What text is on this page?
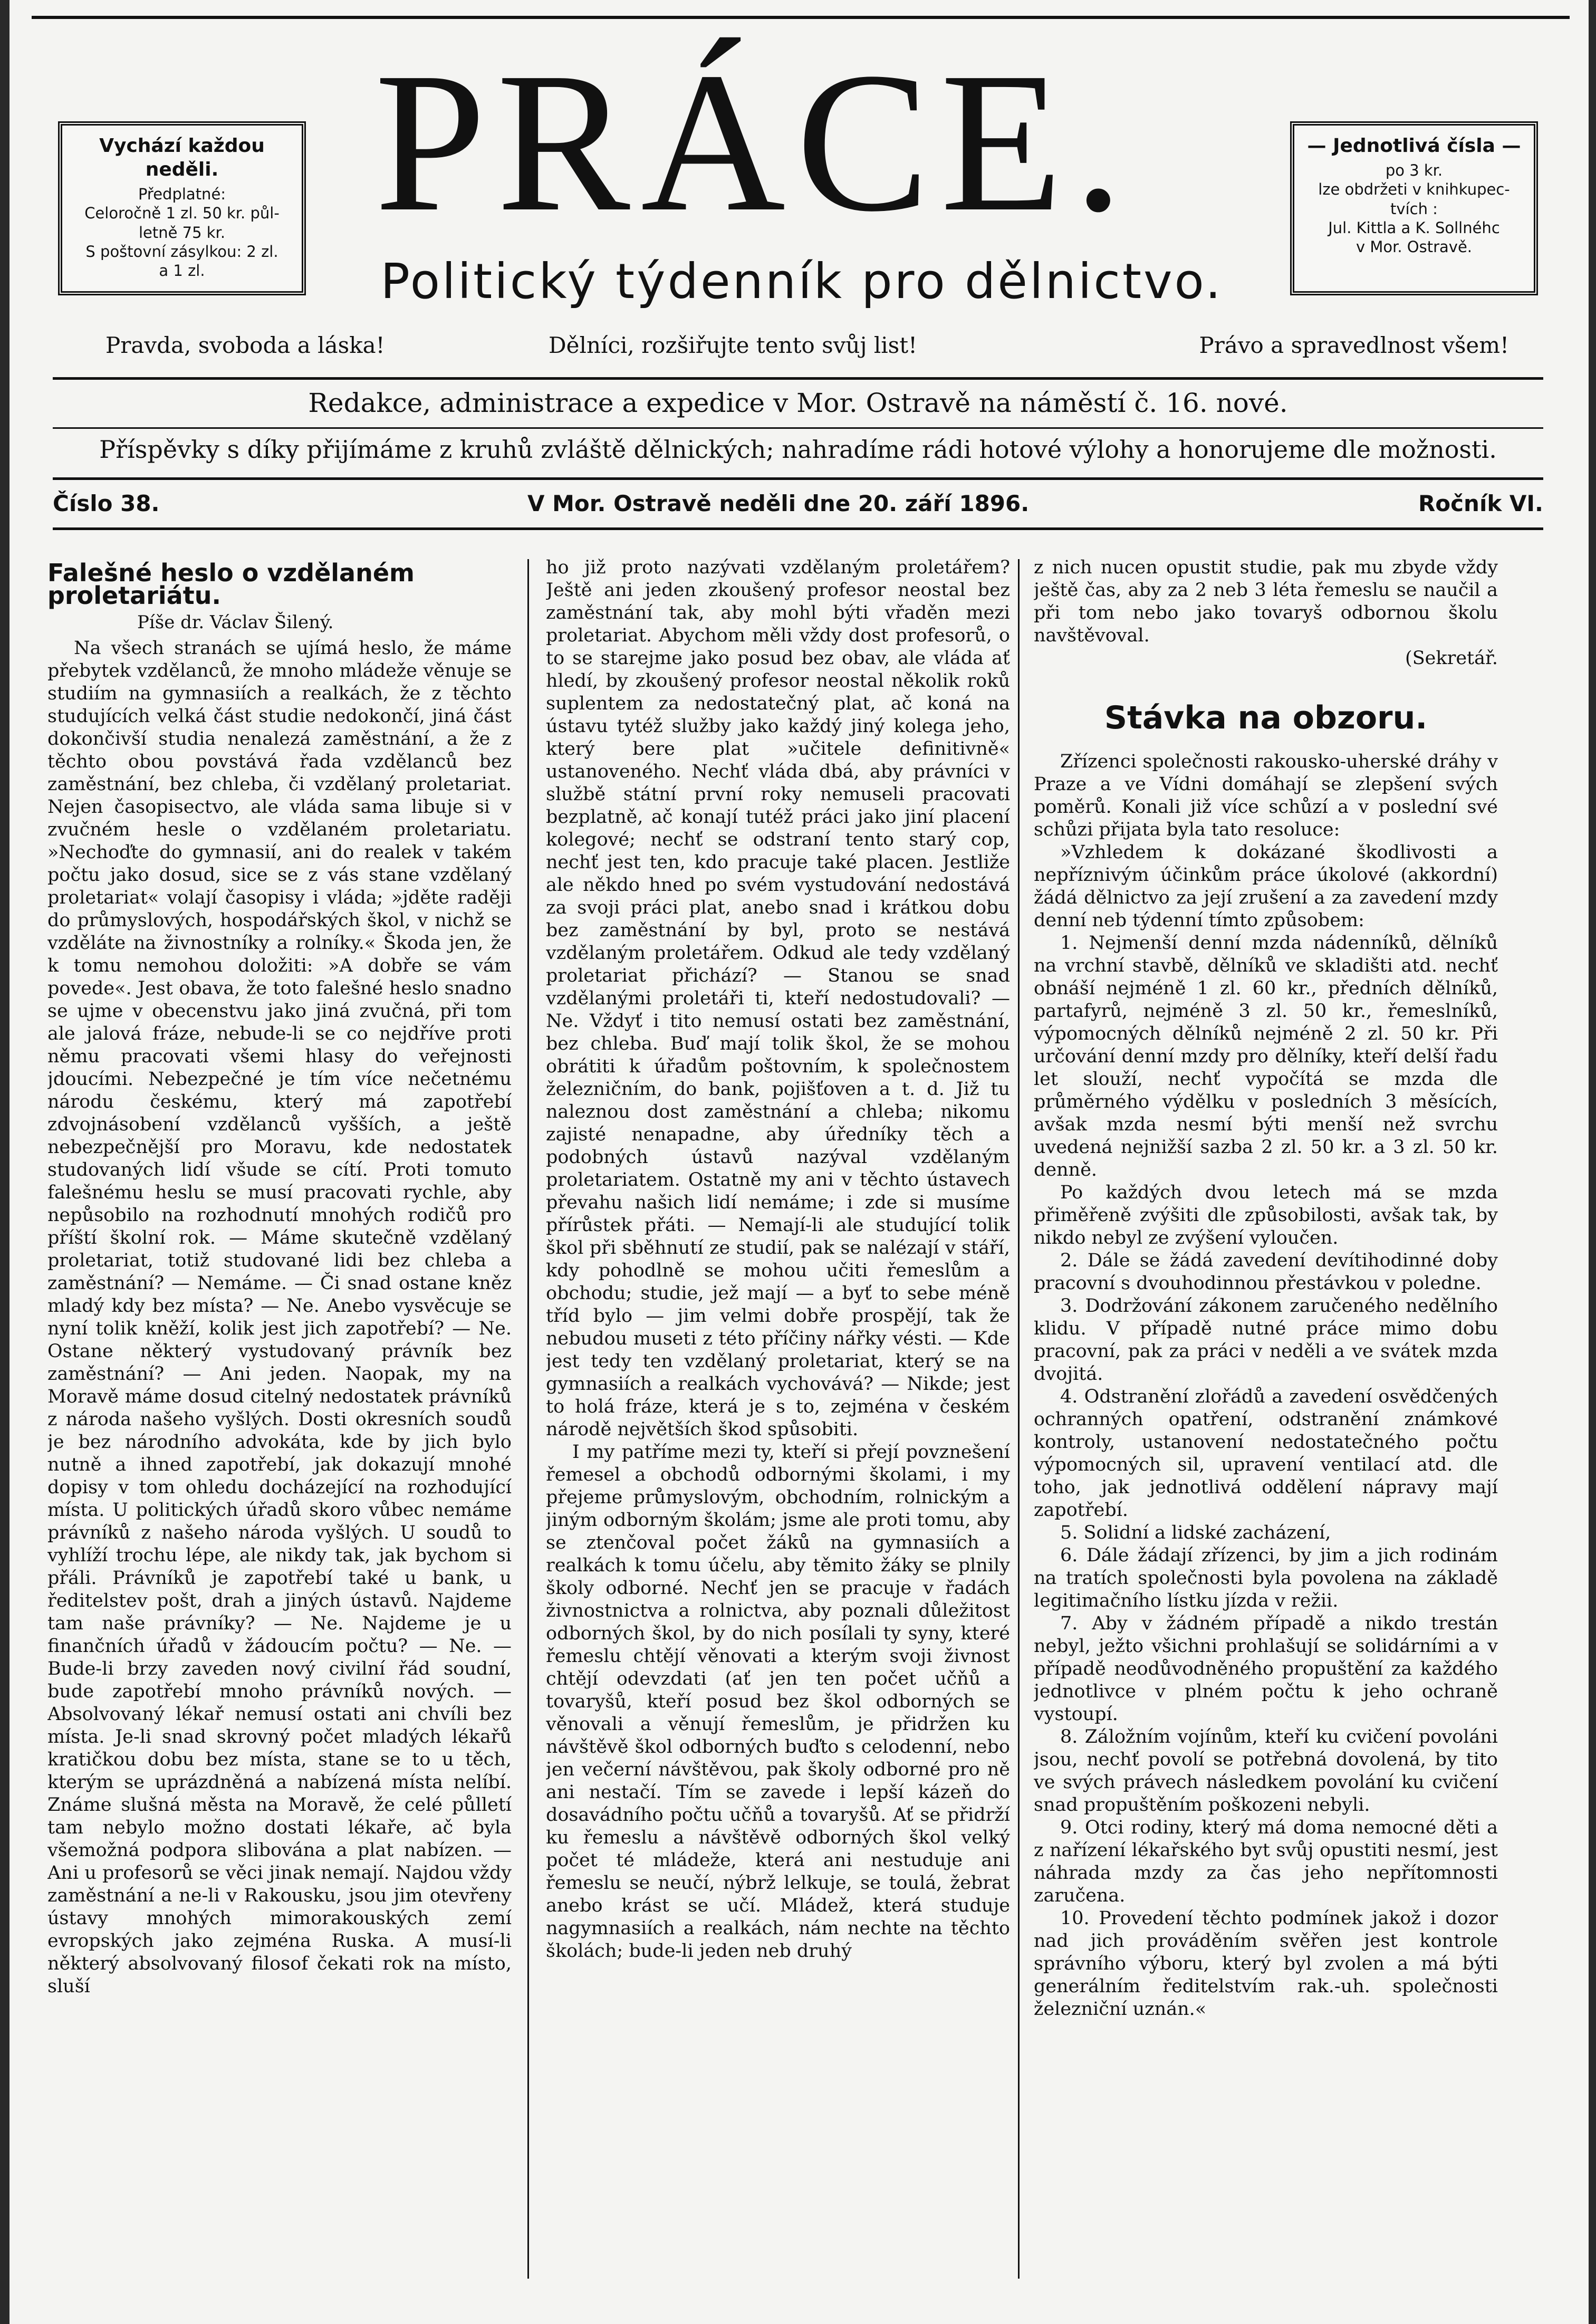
Vychází každou neděli.
Předplatné:
Celoročně 1 zl. 50 kr. půl-
letně 75 kr.
S poštovní zásylkou: 2 zl.
a 1 zl.
PRÁCE.	— Jednotlivá čísla —
po 3 kr.
lze obdržeti v knihkupec-
tvích :
Jul. Kittla a K. Sollnéhc
v Mor. Ostravě.
Politický týdenník pro dělnictvo.
Pravda, svoboda a láska!	Dělníci, rozšiřujte tento svůj list!	Právo a spravedlnost všem!
Redakce, administrace a expedice v Mor. Ostravě na náměstí č. 16. nové.
Příspěvky s díky přijímáme z kruhů zvláště dělnických; nahradíme rádi hotové výlohy a honorujeme dle možnosti.
Číslo 38.	V Mor. Ostravě neděli dne 20. září 1896.	Ročník VI.
Falešné heslo o vzdělaném proletariátu.
Píše dr. Václav Šilený.

Na všech stranách se ujímá heslo, že máme přebytek vzdělanců, že mnoho mládeže věnuje se studiím na gymnasiích a realkách, že z těchto studujících velká část studie nedokončí, jiná část dokončivší studia nenalezá zaměstnání, a že z těchto obou povstává řada vzdělanců bez zaměstnání, bez chleba, či vzdělaný proletariat. Nejen časopisectvo, ale vláda sama libuje si v zvučném hesle o vzdělaném proletariatu. »Nechoďte do gymnasií, ani do realek v takém počtu jako dosud, sice se z vás stane vzdělaný proletariat« volají časopisy i vláda; »jděte raději do průmyslových, hospodářských škol, v nichž se vzděláte na živnostníky a rolníky.« Škoda jen, že k tomu nemohou doložiti: »A dobře se vám povede«. Jest obava, že toto falešné heslo snadno se ujme v obecenstvu jako jiná zvučná, při tom ale jalová fráze, nebude-li se co nejdříve proti němu pracovati všemi hlasy do veřejnosti jdoucími. Nebezpečné je tím více nečetnému národu českému, který má zapotřebí zdvojnásobení vzdělanců vyšších, a ještě nebezpečnější pro Moravu, kde nedostatek studovaných lidí všude se cítí. Proti tomuto falešnému heslu se musí pracovati rychle, aby nepůsobilo na rozhodnutí mnohých rodičů pro příští školní rok. — Máme skutečně vzdělaný proletariat, totiž studované lidi bez chleba a zaměstnání? — Nemáme. — Či snad ostane kněz mladý kdy bez místa? — Ne. Anebo vysvěcuje se nyní tolik kněží, kolik jest jich zapotřebí? — Ne. Ostane některý vystudovaný právník bez zaměstnání? — Ani jeden. Naopak, my na Moravě máme dosud citelný nedostatek právníků z národa našeho vyšlých. Dosti okresních soudů je bez národního advokáta, kde by jich bylo nutně a ihned zapotřebí, jak dokazují mnohé dopisy v tom ohledu docházející na rozhodující místa. U politických úřadů skoro vůbec nemáme právníků z našeho národa vyšlých. U soudů to vyhlíží trochu lépe, ale nikdy tak, jak bychom si přáli. Právníků je zapotřebí také u bank, u ředitelstev pošt, drah a jiných ústavů. Najdeme tam naše právníky? — Ne. Najdeme je u finančních úřadů v žádoucím počtu? — Ne. — Bude-li brzy zaveden nový civilní řád soudní, bude zapotřebí mnoho právníků nových. — Absolvovaný lékař nemusí ostati ani chvíli bez místa. Je-li snad skrovný počet mladých lékařů kratičkou dobu bez místa, stane se to u těch, kterým se uprázdněná a nabízená místa nelíbí. Známe slušná města na Moravě, že celé půlletí tam nebylo možno dostati lékaře, ač byla všemožná podpora slibována a plat nabízen. — Ani u profesorů se věci jinak nemají. Najdou vždy zaměstnání a ne-li v Rakousku, jsou jim otevřeny ústavy mnohých mimorakouských zemí evropských jako zejména Ruska. A musí-li některý absolvovaný filosof čekati rok na místo, sluší

ho již proto nazývati vzdělaným proletářem? Ještě ani jeden zkoušený profesor neostal bez zaměstnání tak, aby mohl býti vřaděn mezi proletariat. Abychom měli vždy dost profesorů, o to se starejme jako posud bez obav, ale vláda ať hledí, by zkoušený profesor neostal několik roků suplentem za nedostatečný plat, ač koná na ústavu tytéž služby jako každý jiný kolega jeho, který bere plat »učitele definitivně« ustanoveného. Nechť vláda dbá, aby právníci v službě státní první roky nemuseli pracovati bezplatně, ač konají tutéž práci jako jiní placení kolegové; nechť se odstraní tento starý cop, nechť jest ten, kdo pracuje také placen. Jestliže ale někdo hned po svém vystudování nedostává za svoji práci plat, anebo snad i krátkou dobu bez zaměstnání by byl, proto se nestává vzdělaným proletářem. Odkud ale tedy vzdělaný proletariat přichází? — Stanou se snad vzdělanými proletáři ti, kteří nedostudovali? — Ne. Vždyť i tito nemusí ostati bez zaměstnání, bez chleba. Buď mají tolik škol, že se mohou obrátiti k úřadům poštovním, k společnostem železničním, do bank, pojišťoven a t. d. Již tu naleznou dost zaměstnání a chleba; nikomu zajisté nenapadne, aby úředníky těch a podobných ústavů nazýval vzdělaným proletariatem. Ostatně my ani v těchto ústavech převahu našich lidí nemáme; i zde si musíme přírůstek přáti. — Nemají-li ale studující tolik škol při sběhnutí ze studií, pak se nalézají v stáří, kdy pohodlně se mohou učiti řemeslům a obchodu; studie, jež mají — a byť to sebe méně tříd bylo — jim velmi dobře prospějí, tak že nebudou museti z této příčiny nářky vésti. — Kde jest tedy ten vzdělaný proletariat, který se na gymnasiích a realkách vychovává? — Nikde; jest to holá fráze, která je s to, zejména v českém národě největších škod spůsobiti.

I my patříme mezi ty, kteří si přejí povznešení řemesel a obchodů odbornými školami, i my přejeme průmyslovým, obchodním, rolnickým a jiným odborným školám; jsme ale proti tomu, aby se ztenčoval počet žáků na gymnasiích a realkách k tomu účelu, aby těmito žáky se plnily školy odborné. Nechť jen se pracuje v řadách živnostnictva a rolnictva, aby poznali důležitost odborných škol, by do nich posílali ty syny, které řemeslu chtějí věnovati a kterým svoji živnost chtějí odevzdati (ať jen ten počet učňů a tovaryšů, kteří posud bez škol odborných se věnovali a věnují řemeslům, je přidržen ku návštěvě škol odborných buďto s celodenní, nebo jen večerní návštěvou, pak školy odborné pro ně ani nestačí. Tím se zavede i lepší kázeň do dosavádního počtu učňů a tovaryšů. Ať se přidrží ku řemeslu a návštěvě odborných škol velký počet té mládeže, která ani nestuduje ani řemeslu se neučí, nýbrž lelkuje, se toulá, žebrat anebo krást se učí. Mládež, která studuje nagymnasiích a realkách, nám nechte na těchto školách; bude-li jeden neb druhý

z nich nucen opustit studie, pak mu zbyde vždy ještě čas, aby za 2 neb 3 léta řemeslu se naučil a při tom nebo jako tovaryš odbornou školu navštěvoval.

(Sekretář.
Stávka na obzoru.

Zřízenci společnosti rakousko-uherské dráhy v Praze a ve Vídni domáhají se zlepšení svých poměrů. Konali již více schůzí a v poslední své schůzi přijata byla tato resoluce:

»Vzhledem k dokázané škodlivosti a nepříznivým účinkům práce úkolové (akkordní) žádá dělnictvo za její zrušení a za zavedení mzdy denní neb týdenní tímto způsobem:

1. Nejmenší denní mzda nádenníků, dělníků na vrchní stavbě, dělníků ve skladišti atd. nechť obnáší nejméně 1 zl. 60 kr., předních dělníků, partafyrů, nejméně 3 zl. 50 kr., řemeslníků, výpomocných dělníků nejméně 2 zl. 50 kr. Při určování denní mzdy pro dělníky, kteří delší řadu let slouží, nechť vypočítá se mzda dle průměrného výdělku v posledních 3 měsících, avšak mzda nesmí býti menší než svrchu uvedená nejnižší sazba 2 zl. 50 kr. a 3 zl. 50 kr. denně.

Po každých dvou letech má se mzda přiměřeně zvýšiti dle způsobilosti, avšak tak, by nikdo nebyl ze zvýšení vyloučen.

2. Dále se žádá zavedení devítihodinné doby pracovní s dvouhodinnou přestávkou v poledne.

3. Dodržování zákonem zaručeného nedělního klidu. V případě nutné práce mimo dobu pracovní, pak za práci v neděli a ve svátek mzda dvojitá.

4. Odstranění zlořádů a zavedení osvědčených ochranných opatření, odstranění známkové kontroly, ustanovení nedostatečného počtu výpomocných sil, upravení ventilací atd. dle toho, jak jednotlivá oddělení nápravy mají zapotřebí.

5. Solidní a lidské zacházení,

6. Dále žádají zřízenci, by jim a jich rodinám na tratích společnosti byla povolena na základě legitimačního lístku jízda v režii.

7. Aby v žádném případě a nikdo trestán nebyl, ježto všichni prohlašují se solidárními a v případě neodůvodněného propuštění za každého jednotlivce v plném počtu k jeho ochraně vystoupí.

8. Záložním vojínům, kteří ku cvičení povoláni jsou, nechť povolí se potřebná dovolená, by tito ve svých právech následkem povolání ku cvičení snad propuštěním poškozeni nebyli.

9. Otci rodiny, který má doma nemocné děti a z nařízení lékařského byt svůj opustiti nesmí, jest náhrada mzdy za čas jeho nepřítomnosti zaručena.

10. Provedení těchto podmínek jakož i dozor nad jich prováděním svěřen jest kontrole správního výboru, který byl zvolen a má býti generálním ředitelstvím rak.-uh. společnosti železniční uznán.«
